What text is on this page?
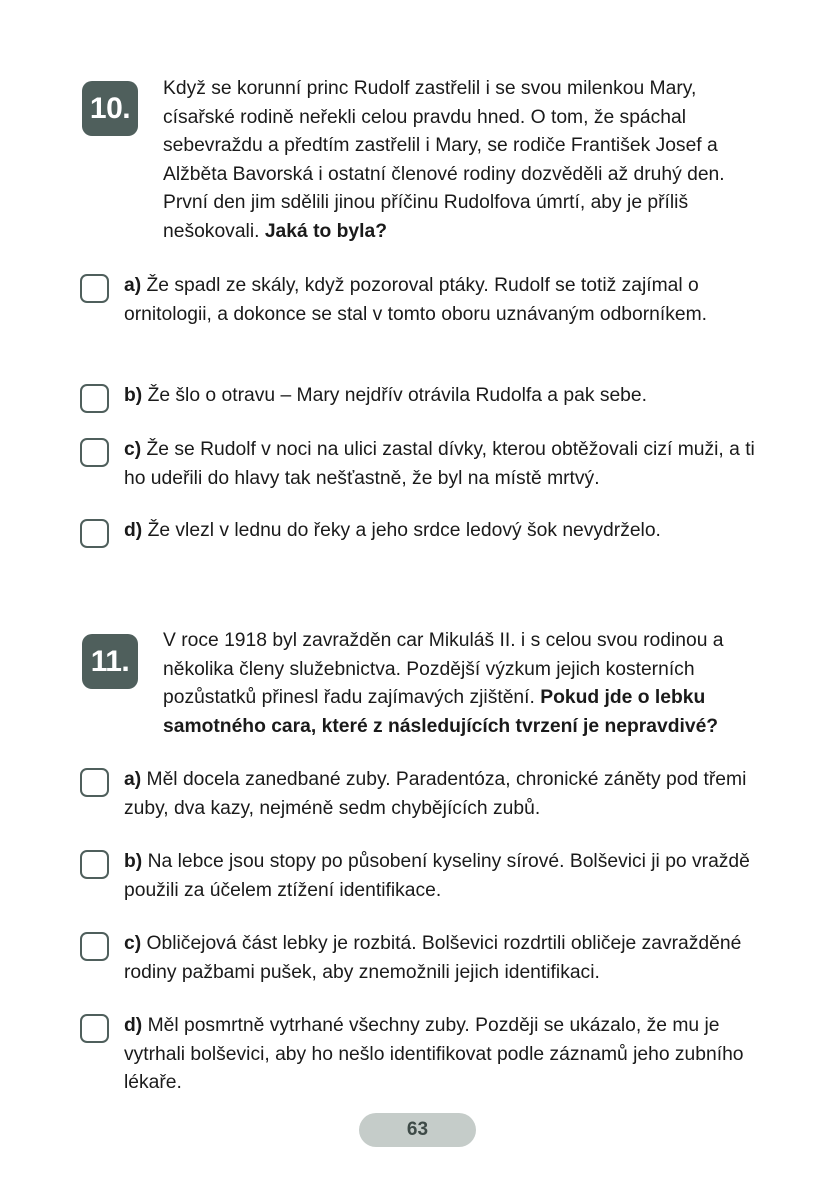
10.
Když se korunní princ Rudolf zastřelil i se svou milenkou Mary, císařské rodině neřekli celou pravdu hned. O tom, že spáchal sebevraždu a předtím zastřelil i Mary, se rodiče František Josef a Alžběta Bavorská i ostatní členové rodiny dozvěděli až druhý den. První den jim sdělili jinou příčinu Rudolfova úmrtí, aby je příliš nešokovali. Jaká to byla?
a) Že spadl ze skály, když pozoroval ptáky. Rudolf se totiž zajímal o ornitologii, a dokonce se stal v tomto oboru uznávaným odborníkem.
b) Že šlo o otravu – Mary nejdřív otrávila Rudolfa a pak sebe.
c) Že se Rudolf v noci na ulici zastal dívky, kterou obtěžovali cizí muži, a ti ho udeřili do hlavy tak nešťastně, že byl na místě mrtvý.
d) Že vlezl v lednu do řeky a jeho srdce ledový šok nevydrželo.
11.
V roce 1918 byl zavražděn car Mikuláš II. i s celou svou rodinou a několika členy služebnictva. Pozdější výzkum jejich kosterních pozůstatků přinesl řadu zajímavých zjištění. Pokud jde o lebku samotného cara, které z následujících tvrzení je nepravdivé?
a) Měl docela zanedbané zuby. Paradentóza, chronické záněty pod třemi zuby, dva kazy, nejméně sedm chybějících zubů.
b) Na lebce jsou stopy po působení kyseliny sírové. Bolševici ji po vraždě použili za účelem ztížení identifikace.
c) Obličejová část lebky je rozbitá. Bolševici rozdrtili obličeje zavražděné rodiny pažbami pušek, aby znemožnili jejich identifikaci.
d) Měl posmrtně vytrhané všechny zuby. Později se ukázalo, že mu je vytrhali bolševici, aby ho nešlo identifikovat podle záznamů jeho zubního lékaře.
63
